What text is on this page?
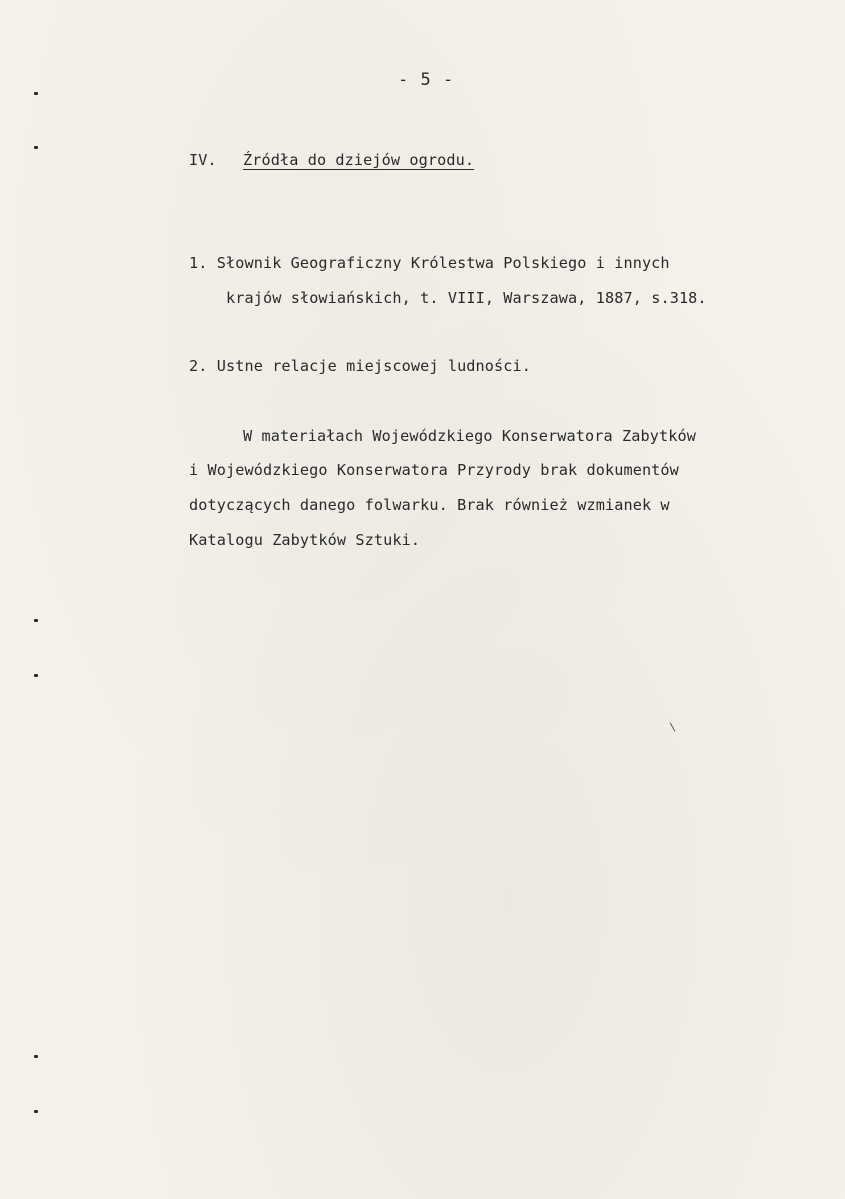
- 5 -
IV. Źródła do dziejów ogrodu.
1. Słownik Geograficzny Królestwa Polskiego i innych
krajów słowiańskich, t. VIII, Warszawa, 1887, s.318.
2. Ustne relacje miejscowej ludności.
W materiałach Wojewódzkiego Konserwatora Zabytków
i Wojewódzkiego Konserwatora Przyrody brak dokumentów
dotyczących danego folwarku. Brak również wzmianek w
Katalogu Zabytków Sztuki.
